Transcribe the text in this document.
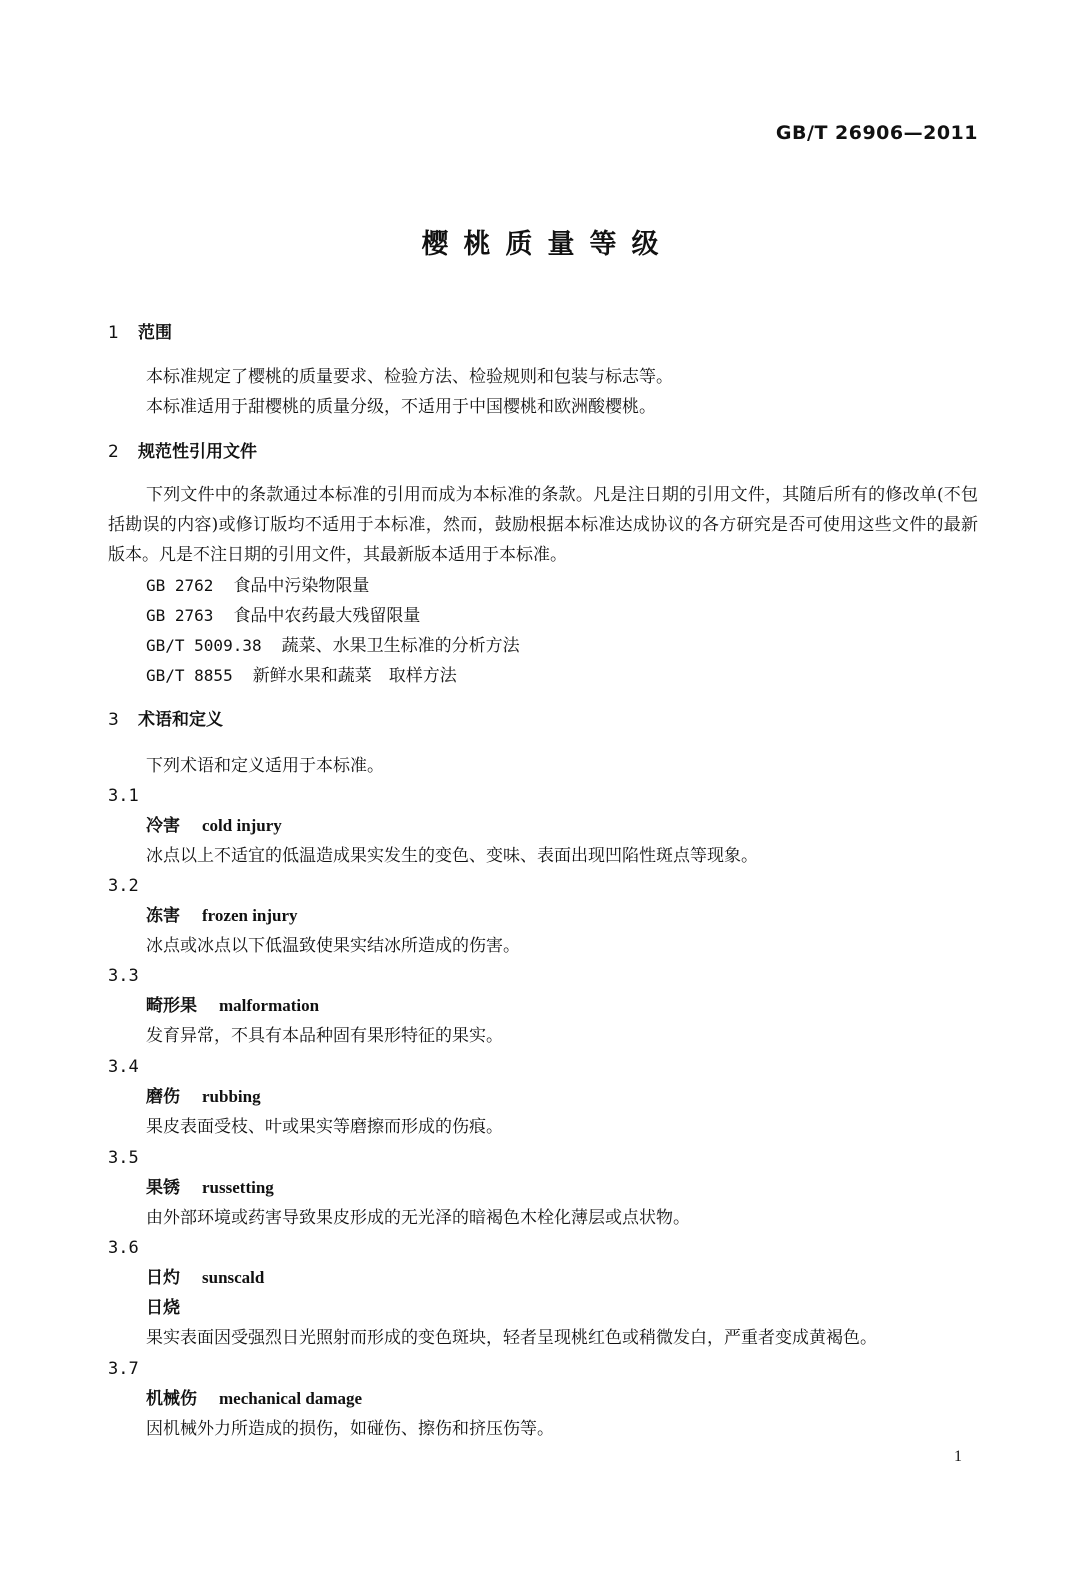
GB/T 26906—2011
樱桃质量等级
1 范围
本标准规定了樱桃的质量要求、检验方法、检验规则和包装与标志等。
本标准适用于甜樱桃的质量分级，不适用于中国樱桃和欧洲酸樱桃。
2 规范性引用文件
下列文件中的条款通过本标准的引用而成为本标准的条款。凡是注日期的引用文件，其随后所有的修改单(不包括勘误的内容)或修订版均不适用于本标准，然而，鼓励根据本标准达成协议的各方研究是否可使用这些文件的最新版本。凡是不注日期的引用文件，其最新版本适用于本标准。
GB 2762 食品中污染物限量
GB 2763 食品中农药最大残留限量
GB/T 5009.38 蔬菜、水果卫生标准的分析方法
GB/T 8855 新鲜水果和蔬菜　取样方法
3 术语和定义
下列术语和定义适用于本标准。
3.1
冷害 cold injury
冰点以上不适宜的低温造成果实发生的变色、变味、表面出现凹陷性斑点等现象。
3.2
冻害 frozen injury
冰点或冰点以下低温致使果实结冰所造成的伤害。
3.3
畸形果 malformation
发育异常，不具有本品种固有果形特征的果实。
3.4
磨伤 rubbing
果皮表面受枝、叶或果实等磨擦而形成的伤痕。
3.5
果锈 russetting
由外部环境或药害导致果皮形成的无光泽的暗褐色木栓化薄层或点状物。
3.6
日灼 sunscald
日烧
果实表面因受强烈日光照射而形成的变色斑块，轻者呈现桃红色或稍微发白，严重者变成黄褐色。
3.7
机械伤 mechanical damage
因机械外力所造成的损伤，如碰伤、擦伤和挤压伤等。
1
